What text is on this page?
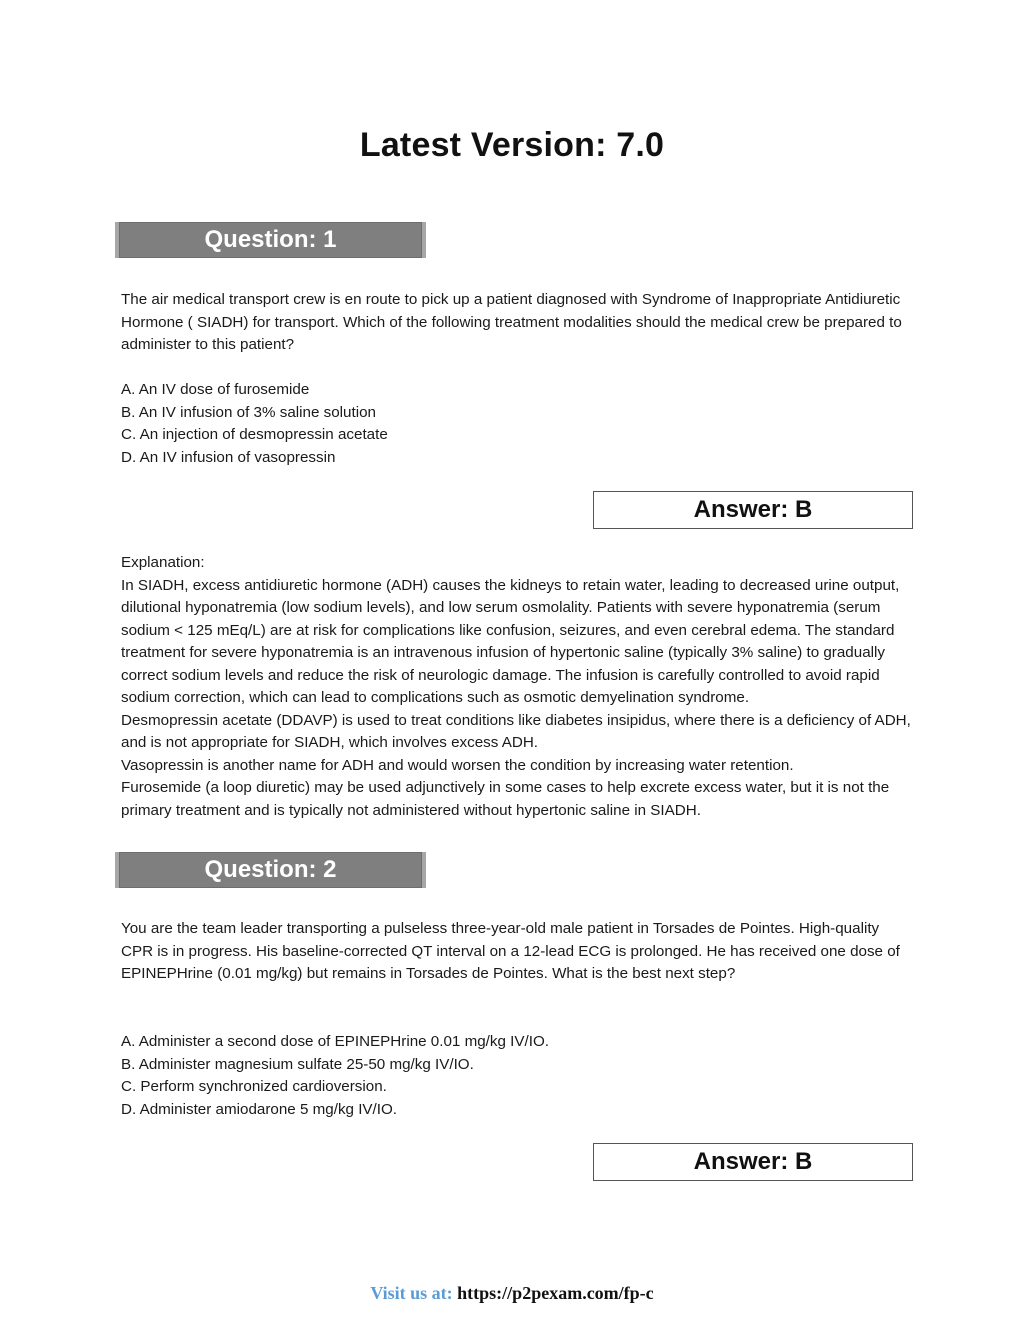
Latest Version: 7.0
Question: 1

The air medical transport crew is en route to pick up a patient diagnosed with Syndrome of Inappropriate Antidiuretic Hormone ( SIADH) for transport. Which of the following treatment modalities should the medical crew be prepared to administer to this patient?

A. An IV dose of furosemide
B. An IV infusion of 3% saline solution
C. An injection of desmopressin acetate
D. An IV infusion of vasopressin
Answer: B

Explanation:

In SIADH, excess antidiuretic hormone (ADH) causes the kidneys to retain water, leading to decreased urine output, dilutional hyponatremia (low sodium levels), and low serum osmolality. Patients with severe hyponatremia (serum sodium < 125 mEq/L) are at risk for complications like confusion, seizures, and even cerebral edema. The standard treatment for severe hyponatremia is an intravenous infusion of hypertonic saline (typically 3% saline) to gradually correct sodium levels and reduce the risk of neurologic damage. The infusion is carefully controlled to avoid rapid sodium correction, which can lead to complications such as osmotic demyelination syndrome.

Desmopressin acetate (DDAVP) is used to treat conditions like diabetes insipidus, where there is a deficiency of ADH, and is not appropriate for SIADH, which involves excess ADH.

Vasopressin is another name for ADH and would worsen the condition by increasing water retention.

Furosemide (a loop diuretic) may be used adjunctively in some cases to help excrete excess water, but it is not the primary treatment and is typically not administered without hypertonic saline in SIADH.

Question: 2

You are the team leader transporting a pulseless three-year-old male patient in Torsades de Pointes. High-quality CPR is in progress. His baseline-corrected QT interval on a 12-lead ECG is prolonged. He has received one dose of EPINEPHrine (0.01 mg/kg) but remains in Torsades de Pointes. What is the best next step?

A. Administer a second dose of EPINEPHrine 0.01 mg/kg IV/IO.
B. Administer magnesium sulfate 25-50 mg/kg IV/IO.
C. Perform synchronized cardioversion.
D. Administer amiodarone 5 mg/kg IV/IO.
Answer: B
Visit us at: https://p2pexam.com/fp-c
